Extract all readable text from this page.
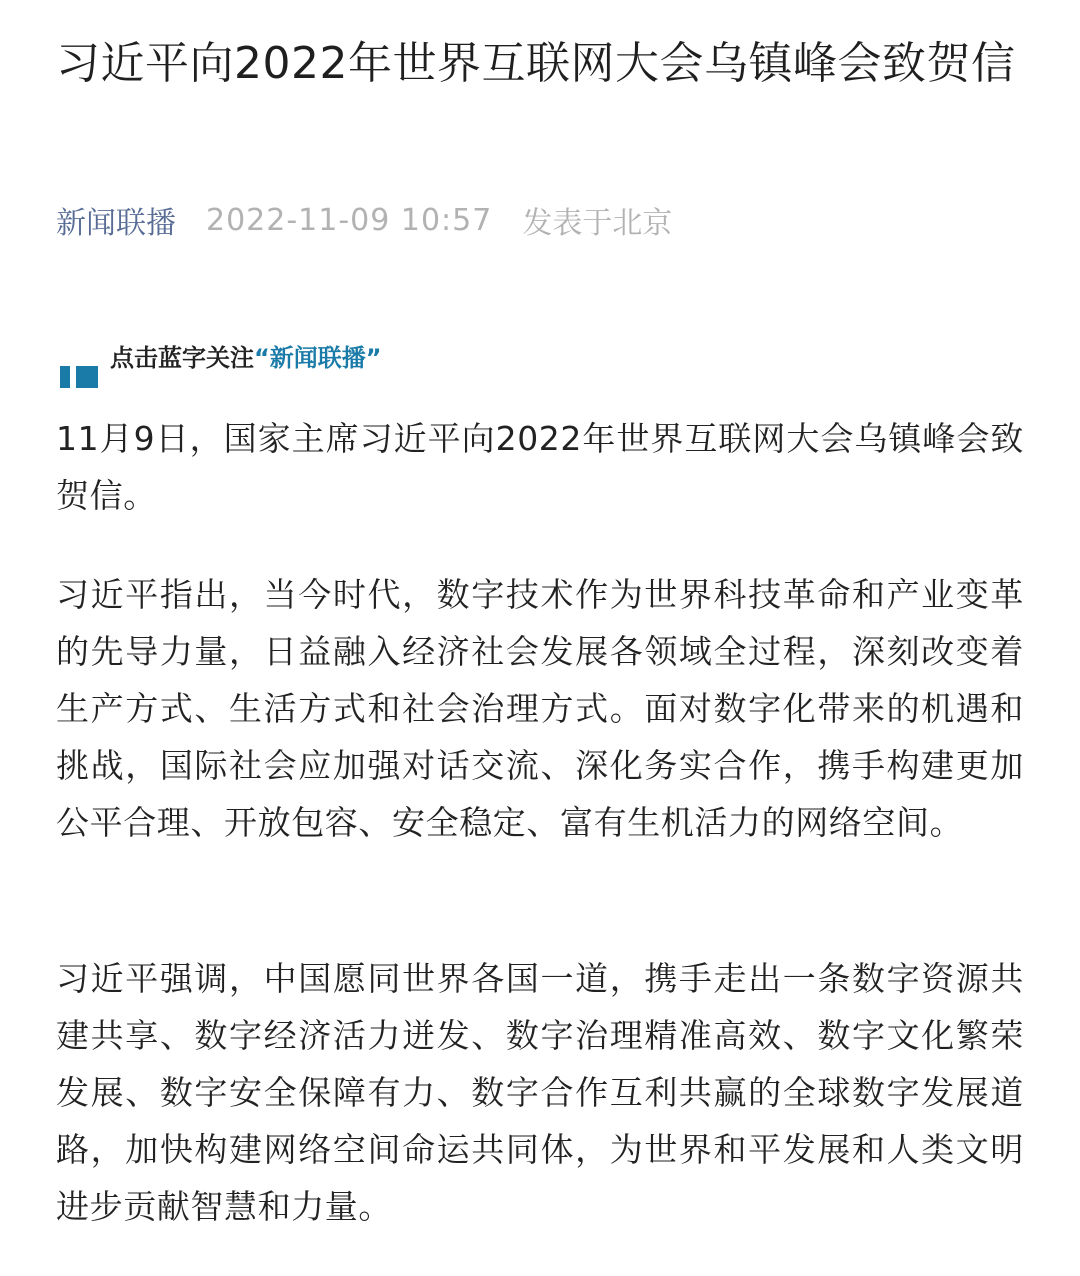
习近平向2022年世界互联网大会乌镇峰会致贺信
新闻联播 2022-11-09 10:57 发表于北京
点击蓝字关注“新闻联播”

11月9日，国家主席习近平向2022年世界互联网大会乌镇峰会致贺信。

习近平指出，当今时代，数字技术作为世界科技革命和产业变革的先导力量，日益融入经济社会发展各领域全过程，深刻改变着生产方式、生活方式和社会治理方式。面对数字化带来的机遇和挑战，国际社会应加强对话交流、深化务实合作，携手构建更加公平合理、开放包容、安全稳定、富有生机活力的网络空间。

习近平强调，中国愿同世界各国一道，携手走出一条数字资源共建共享、数字经济活力迸发、数字治理精准高效、数字文化繁荣发展、数字安全保障有力、数字合作互利共赢的全球数字发展道路，加快构建网络空间命运共同体，为世界和平发展和人类文明进步贡献智慧和力量。
